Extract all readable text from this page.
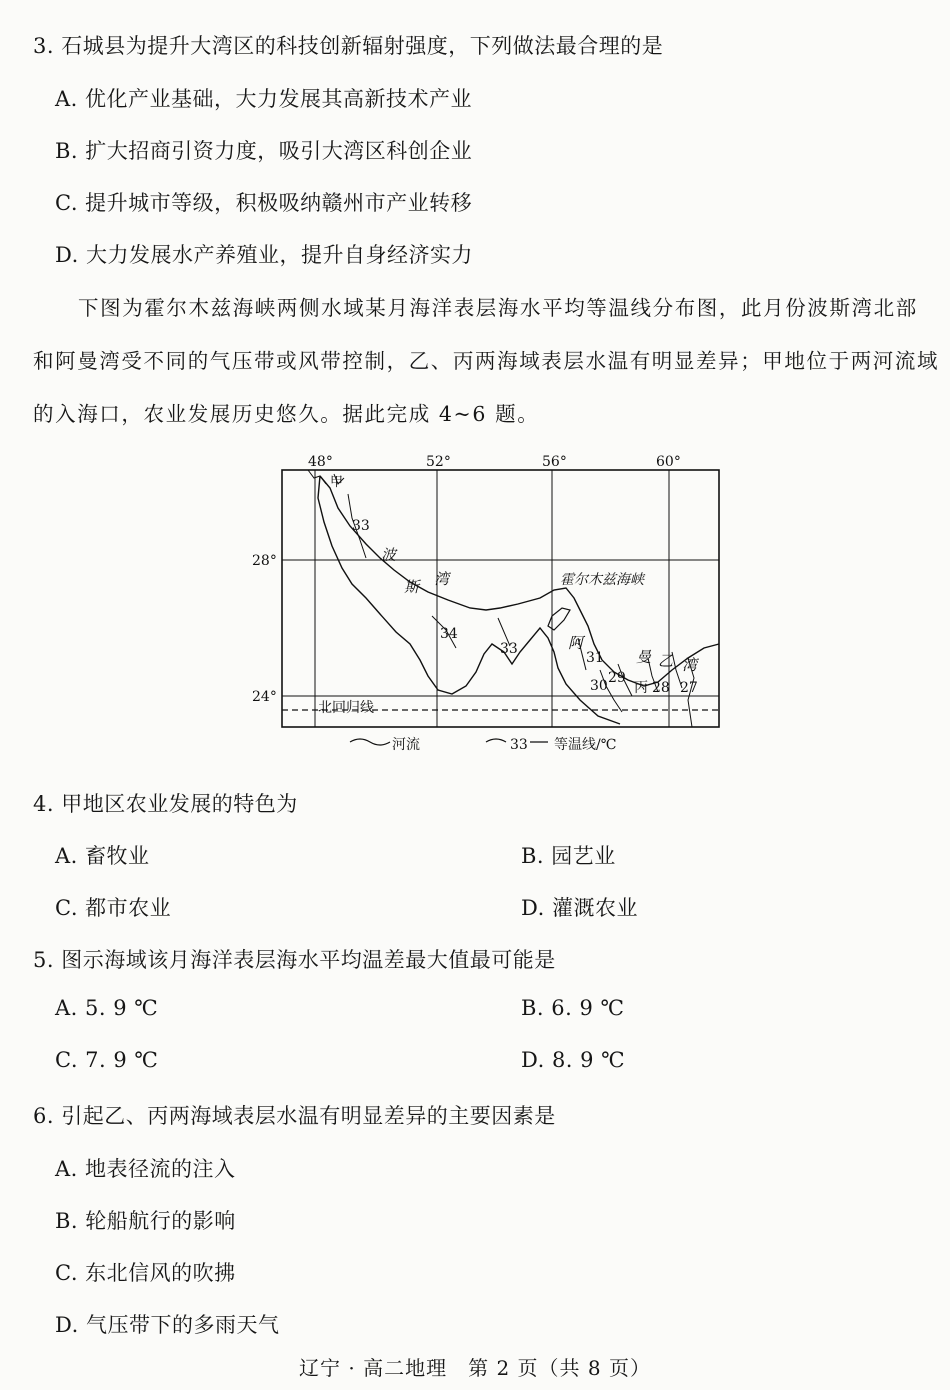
3. 石城县为提升大湾区的科技创新辐射强度，下列做法最合理的是
A. 优化产业基础，大力发展其高新技术产业
B. 扩大招商引资力度，吸引大湾区科创企业
C. 提升城市等级，积极吸纳赣州市产业转移
D. 大力发展水产养殖业，提升自身经济实力
下图为霍尔木兹海峡两侧水域某月海洋表层海水平均等温线分布图，此月份波斯湾北部
和阿曼湾受不同的气压带或风带控制，乙、丙两海域表层水温有明显差异；甲地位于两河流域
的入海口，农业发展历史悠久。据此完成 4~6 题。
48°	52°	56°	60°
28°
24°
甲
波
斯 湾	霍尔木兹海峡
阿
曼 乙 湾
丙
33
34
33
31
30 29
28 27
北回归线
河流	33 等温线/℃
4. 甲地区农业发展的特色为
A. 畜牧业	B. 园艺业
C. 都市农业	D. 灌溉农业
5. 图示海域该月海洋表层海水平均温差最大值最可能是
A. 5. 9 ℃	B. 6. 9 ℃
C. 7. 9 ℃	D. 8. 9 ℃
6. 引起乙、丙两海域表层水温有明显差异的主要因素是
A. 地表径流的注入
B. 轮船航行的影响
C. 东北信风的吹拂
D. 气压带下的多雨天气
辽宁 · 高二地理　第 2 页（共 8 页）
